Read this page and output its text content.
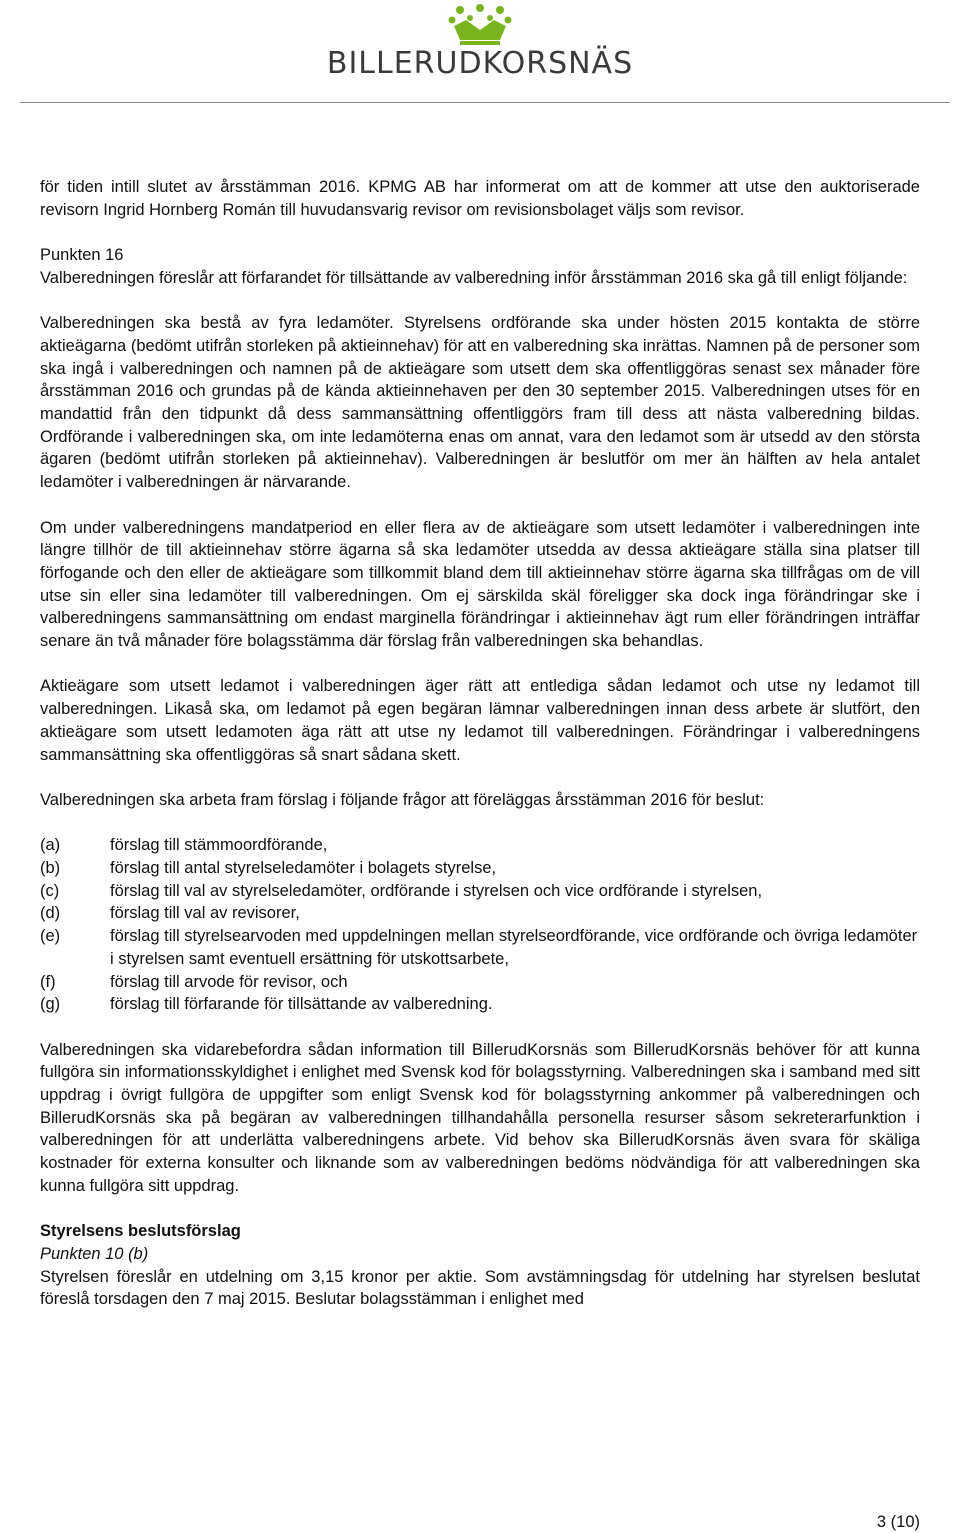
BILLERUDKORSNÄS

för tiden intill slutet av årsstämman 2016. KPMG AB har informerat om att de kommer att utse den auktoriserade revisorn Ingrid Hornberg Román till huvudansvarig revisor om revisionsbolaget väljs som revisor.

Punkten 16

Valberedningen föreslår att förfarandet för tillsättande av valberedning inför årsstämman 2016 ska gå till enligt följande:

Valberedningen ska bestå av fyra ledamöter. Styrelsens ordförande ska under hösten 2015 kontakta de större aktieägarna (bedömt utifrån storleken på aktieinnehav) för att en valberedning ska inrättas. Namnen på de personer som ska ingå i valberedningen och namnen på de aktieägare som utsett dem ska offentliggöras senast sex månader före årsstämman 2016 och grundas på de kända aktieinnehaven per den 30 september 2015. Valberedningen utses för en mandattid från den tidpunkt då dess sammansättning offentliggörs fram till dess att nästa valberedning bildas. Ordförande i valberedningen ska, om inte ledamöterna enas om annat, vara den ledamot som är utsedd av den största ägaren (bedömt utifrån storleken på aktieinnehav). Valberedningen är beslutför om mer än hälften av hela antalet ledamöter i valberedningen är närvarande.

Om under valberedningens mandatperiod en eller flera av de aktieägare som utsett ledamöter i valberedningen inte längre tillhör de till aktieinnehav större ägarna så ska ledamöter utsedda av dessa aktieägare ställa sina platser till förfogande och den eller de aktieägare som tillkommit bland dem till aktieinnehav större ägarna ska tillfrågas om de vill utse sin eller sina ledamöter till valberedningen. Om ej särskilda skäl föreligger ska dock inga förändringar ske i valberedningens sammansättning om endast marginella förändringar i aktieinnehav ägt rum eller förändringen inträffar senare än två månader före bolagsstämma där förslag från valberedningen ska behandlas.

Aktieägare som utsett ledamot i valberedningen äger rätt att entlediga sådan ledamot och utse ny ledamot till valberedningen. Likaså ska, om ledamot på egen begäran lämnar valberedningen innan dess arbete är slutfört, den aktieägare som utsett ledamoten äga rätt att utse ny ledamot till valberedningen. Förändringar i valberedningens sammansättning ska offentliggöras så snart sådana skett.

Valberedningen ska arbeta fram förslag i följande frågor att föreläggas årsstämman 2016 för beslut:

(a)	förslag till stämmoordförande,
(b)	förslag till antal styrelseledamöter i bolagets styrelse,
(c)	förslag till val av styrelseledamöter, ordförande i styrelsen och vice ordförande i styrelsen,
(d)	förslag till val av revisorer,
(e)	förslag till styrelsearvoden med uppdelningen mellan styrelseordförande, vice ordförande och övriga ledamöter i styrelsen samt eventuell ersättning för utskottsarbete,
(f)	förslag till arvode för revisor, och
(g)	förslag till förfarande för tillsättande av valberedning.

Valberedningen ska vidarebefordra sådan information till BillerudKorsnäs som BillerudKorsnäs behöver för att kunna fullgöra sin informationsskyldighet i enlighet med Svensk kod för bolagsstyrning. Valberedningen ska i samband med sitt uppdrag i övrigt fullgöra de uppgifter som enligt Svensk kod för bolagsstyrning ankommer på valberedningen och BillerudKorsnäs ska på begäran av valberedningen tillhandahålla personella resurser såsom sekreterarfunktion i valberedningen för att underlätta valberedningens arbete. Vid behov ska BillerudKorsnäs även svara för skäliga kostnader för externa konsulter och liknande som av valberedningen bedöms nödvändiga för att valberedningen ska kunna fullgöra sitt uppdrag.

Styrelsens beslutsförslag

Punkten 10 (b)

Styrelsen föreslår en utdelning om 3,15 kronor per aktie. Som avstämningsdag för utdelning har styrelsen beslutat föreslå torsdagen den 7 maj 2015. Beslutar bolagsstämman i enlighet med

3 (10)
